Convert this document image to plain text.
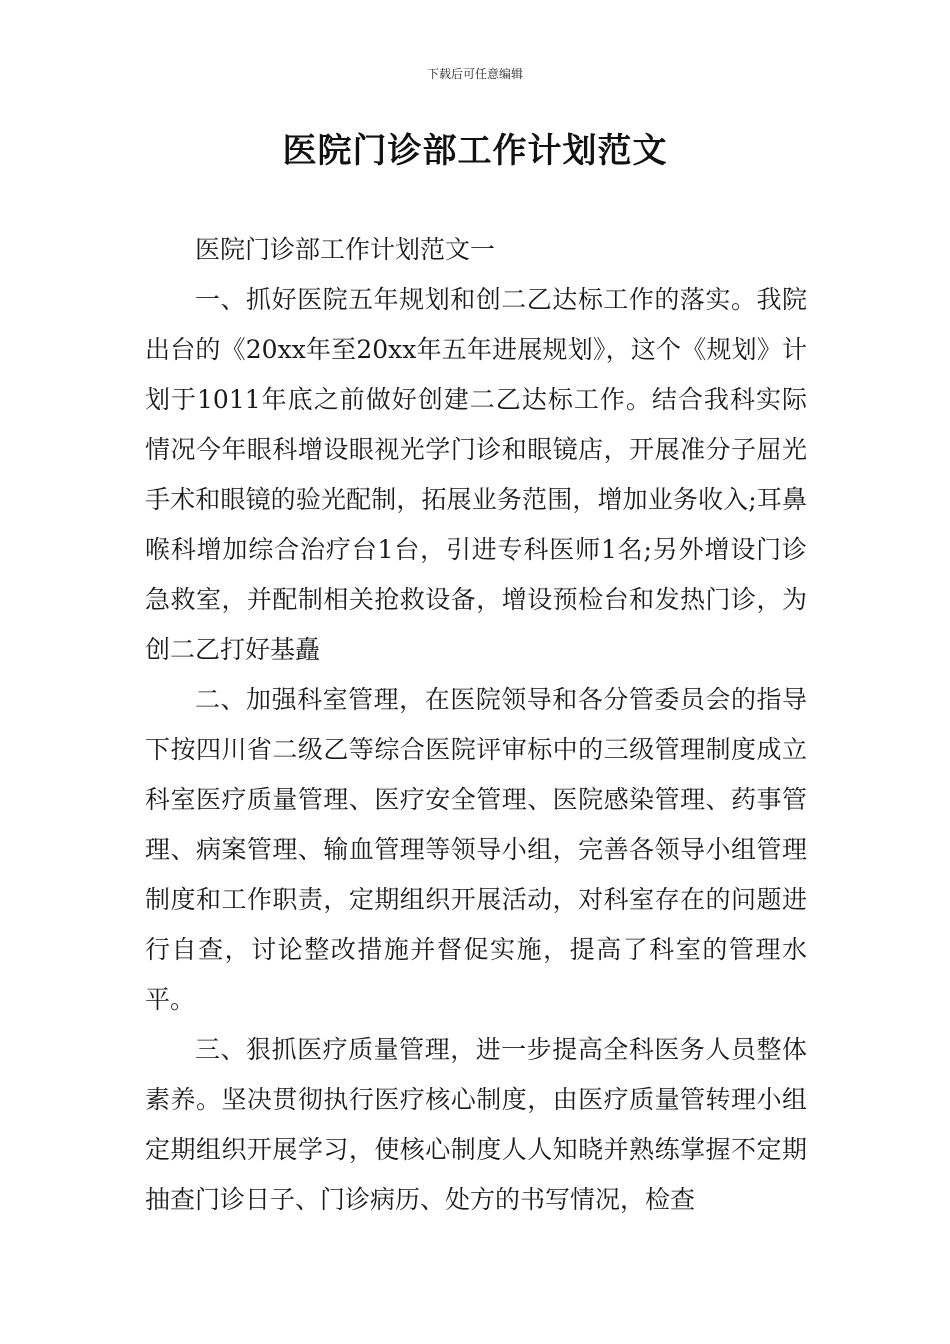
下载后可任意编辑
医院门诊部工作计划范文

医院门诊部工作计划范文一

一、抓好医院五年规划和创二乙达标工作的落实。我院出台的《20xx年至20xx年五年进展规划》，这个《规划》计划于1011年底之前做好创建二乙达标工作。结合我科实际情况今年眼科增设眼视光学门诊和眼镜店，开展准分子屈光手术和眼镜的验光配制，拓展业务范围，增加业务收入;耳鼻喉科增加综合治疗台1台，引进专科医师1名;另外增设门诊急救室，并配制相关抢救设备，增设预检台和发热门诊，为创二乙打好基矗

二、加强科室管理，在医院领导和各分管委员会的指导下按四川省二级乙等综合医院评审标中的三级管理制度成立科室医疗质量管理、医疗安全管理、医院感染管理、药事管理、病案管理、输血管理等领导小组，完善各领导小组管理制度和工作职责，定期组织开展活动，对科室存在的问题进行自查，讨论整改措施并督促实施，提高了科室的管理水平。

三、狠抓医疗质量管理，进一步提高全科医务人员整体素养。坚决贯彻执行医疗核心制度，由医疗质量管转理小组定期组织开展学习，使核心制度人人知晓并熟练掌握不定期抽查门诊日子、门诊病历、处方的书写情况，检查
